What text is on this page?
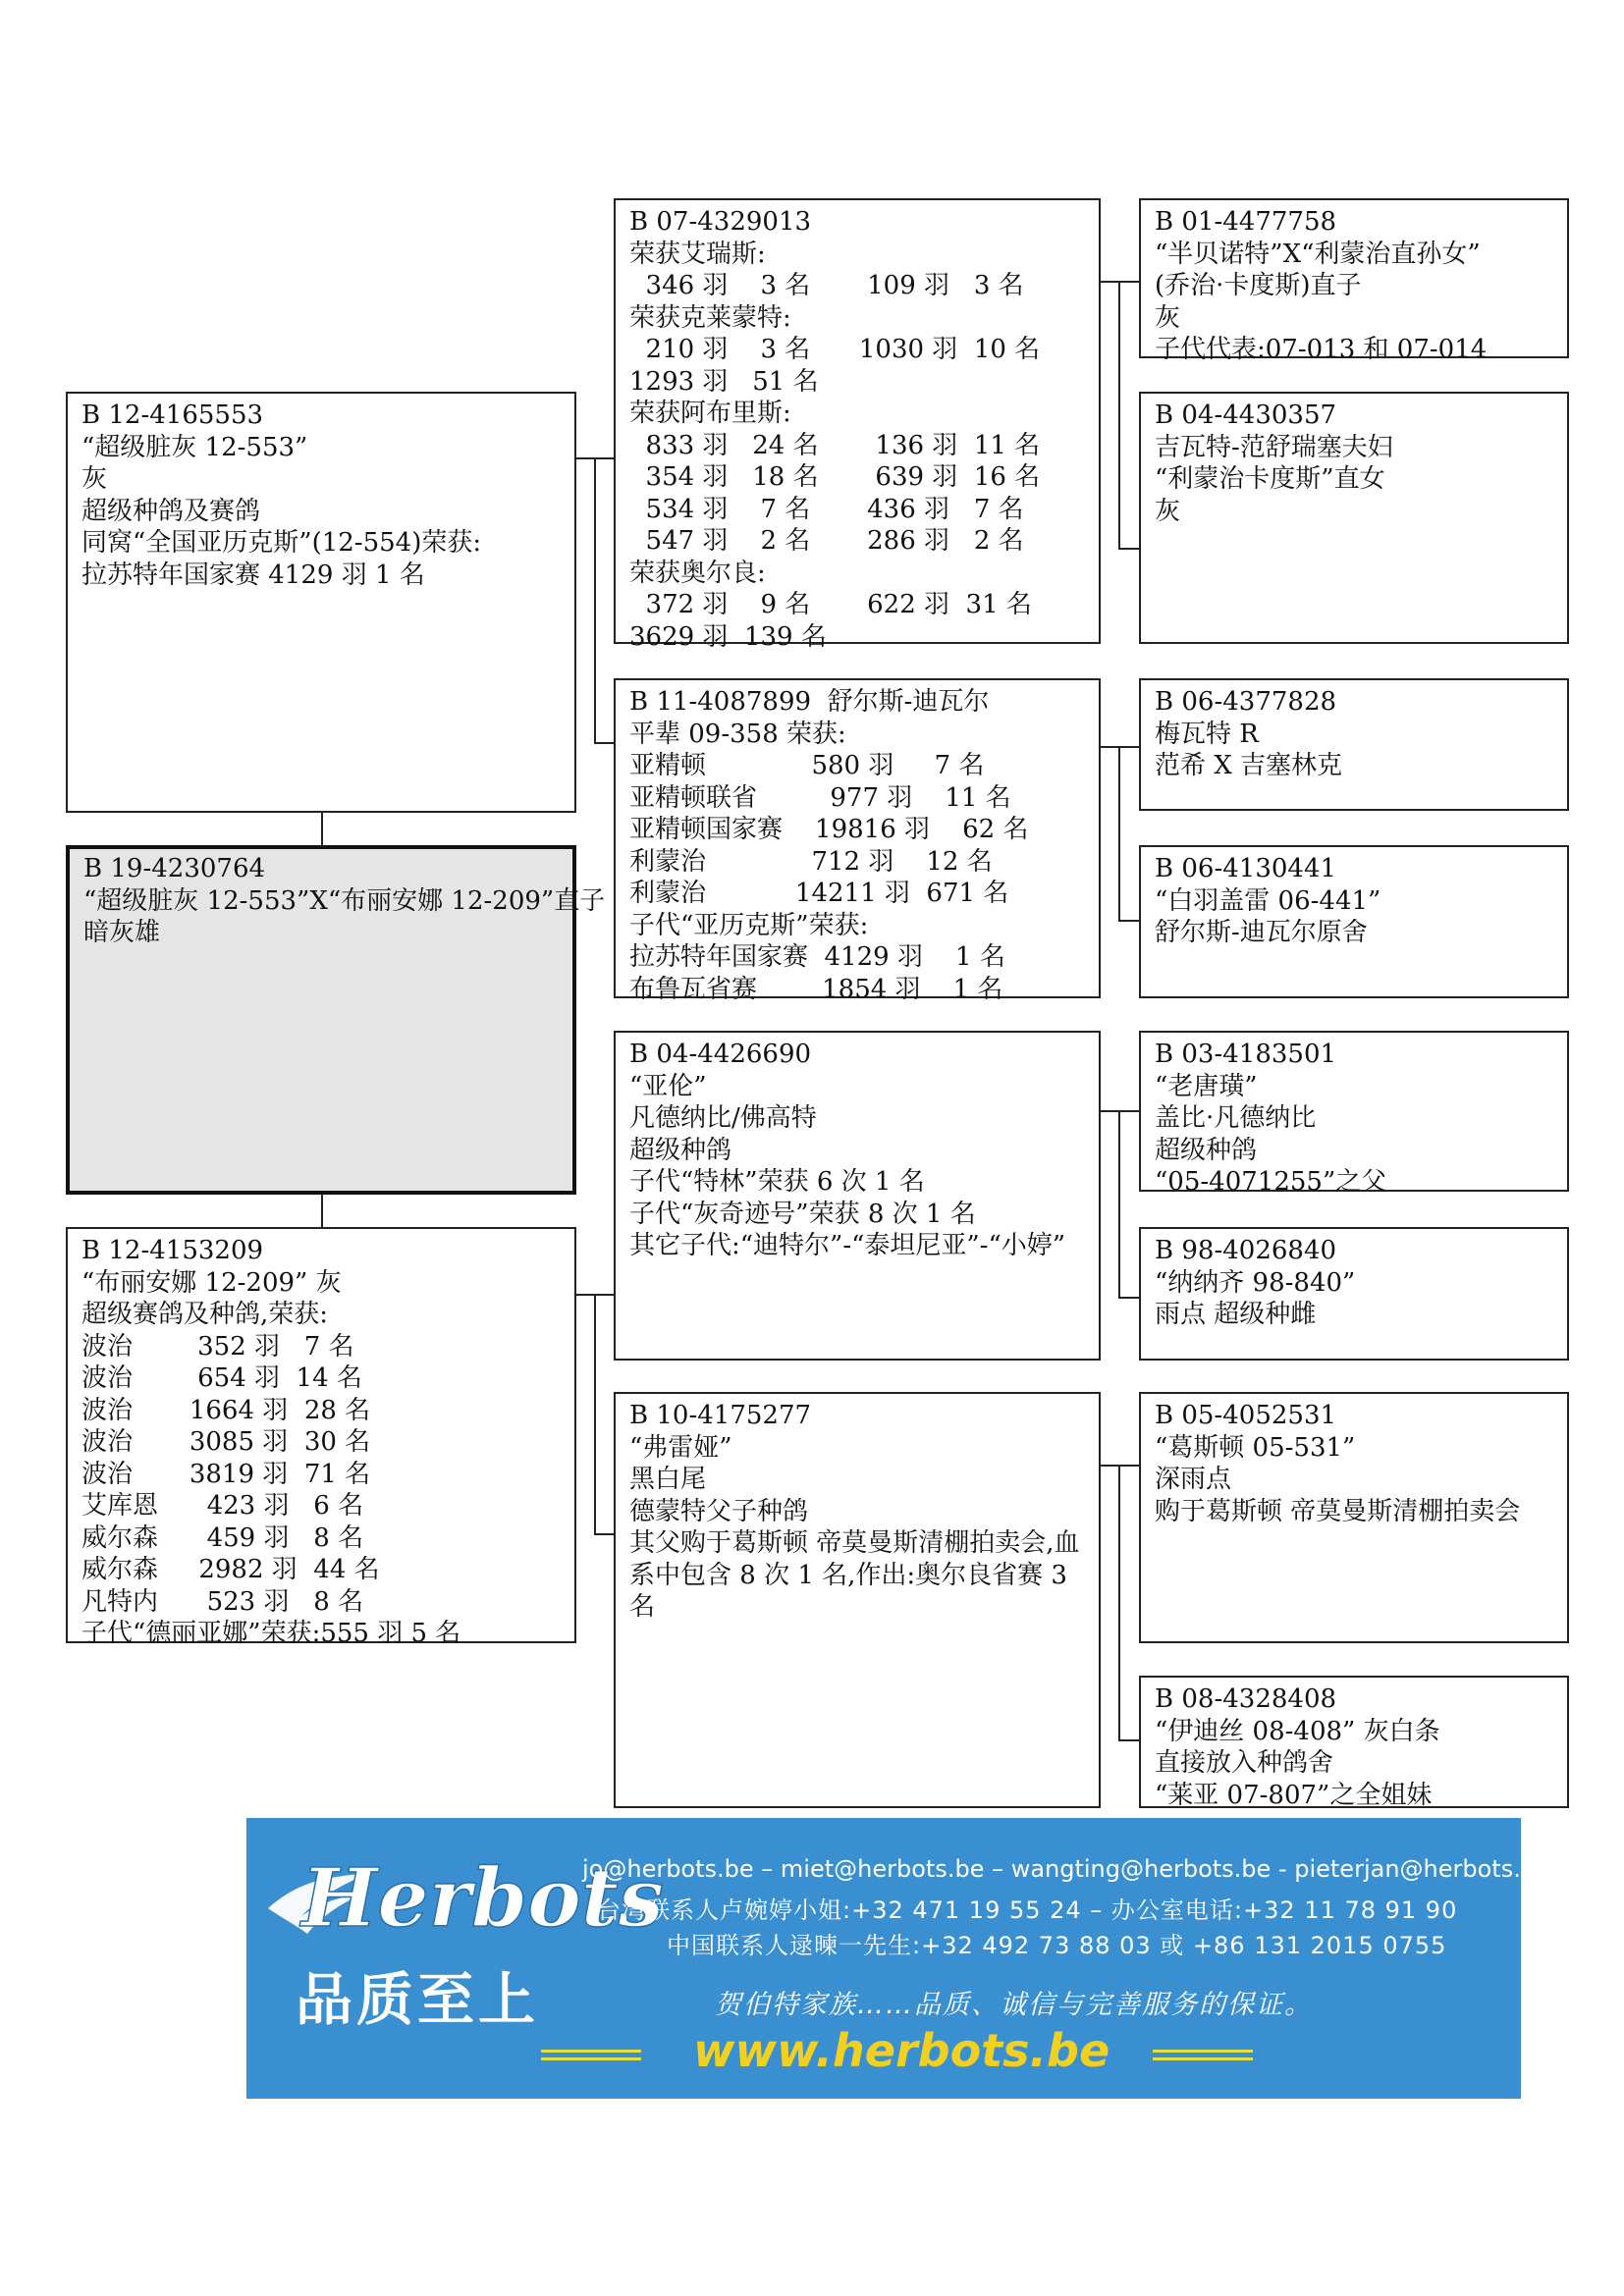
B 19-4230764
“超级脏灰 12-553”X“布丽安娜 12-209”直子
暗灰雄
B 12-4165553
“超级脏灰 12-553”
灰
超级种鸽及赛鸽
同窝“全国亚历克斯”(12-554)荣获:
拉苏特年国家赛 4129 羽 1 名
B 12-4153209
“布丽安娜 12-209” 灰
超级赛鸽及种鸽,荣获:
波治        352 羽   7 名
波治        654 羽  14 名
波治       1664 羽  28 名
波治       3085 羽  30 名
波治       3819 羽  71 名
艾库恩      423 羽   6 名
威尔森      459 羽   8 名
威尔森     2982 羽  44 名
凡特内      523 羽   8 名
子代“德丽亚娜”荣获:555 羽 5 名
B 07-4329013
荣获艾瑞斯:
346 羽    3 名       109 羽   3 名
荣获克莱蒙特:
210 羽    3 名      1030 羽  10 名
1293 羽   51 名
荣获阿布里斯:
833 羽   24 名       136 羽  11 名
354 羽   18 名       639 羽  16 名
534 羽    7 名       436 羽   7 名
547 羽    2 名       286 羽   2 名
荣获奥尔良:
372 羽    9 名       622 羽  31 名
3629 羽  139 名
B 11-4087899  舒尔斯-迪瓦尔
平辈 09-358 荣获:
亚精顿             580 羽     7 名
亚精顿联省         977 羽    11 名
亚精顿国家赛    19816 羽    62 名
利蒙治             712 羽    12 名
利蒙治           14211 羽  671 名
子代“亚历克斯”荣获:
拉苏特年国家赛  4129 羽    1 名
布鲁瓦省赛        1854 羽    1 名
B 04-4426690
“亚伦”
凡德纳比/佛高特
超级种鸽
子代“特林”荣获 6 次 1 名
子代“灰奇迹号”荣获 8 次 1 名
其它子代:“迪特尔”-“泰坦尼亚”-“小婷”
B 10-4175277
“弗雷娅”
黑白尾
德蒙特父子种鸽
其父购于葛斯顿 帝莫曼斯清棚拍卖会,血系中包含 8 次 1 名,作出:奥尔良省赛 3 名
B 01-4477758
“半贝诺特”X“利蒙治直孙女”
(乔治·卡度斯)直子
灰
子代代表:07-013 和 07-014
B 04-4430357
吉瓦特-范舒瑞塞夫妇
“利蒙治卡度斯”直女
灰
B 06-4377828
梅瓦特 R
范希 X 吉塞林克
B 06-4130441
“白羽盖雷 06-441”
舒尔斯-迪瓦尔原舍
B 03-4183501
“老唐璜”
盖比·凡德纳比
超级种鸽
“05-4071255”之父
B 98-4026840
“纳纳齐 98-840”
雨点 超级种雌
B 05-4052531
“葛斯顿 05-531”
深雨点
购于葛斯顿 帝莫曼斯清棚拍卖会
B 08-4328408
“伊迪丝 08-408” 灰白条
直接放入种鸽舍
“莱亚 07-807”之全姐妹
Herbots
品质至上
jo@herbots.be – miet@herbots.be – wangting@herbots.be - pieterjan@herbots.be
台湾联系人卢婉婷小姐:+32 471 19 55 24 – 办公室电话:+32 11 78 91 90
中国联系人逯暕一先生:+32 492 73 88 03 或 +86 131 2015 0755
贺伯特家族……品质、诚信与完善服务的保证。
www.herbots.be
